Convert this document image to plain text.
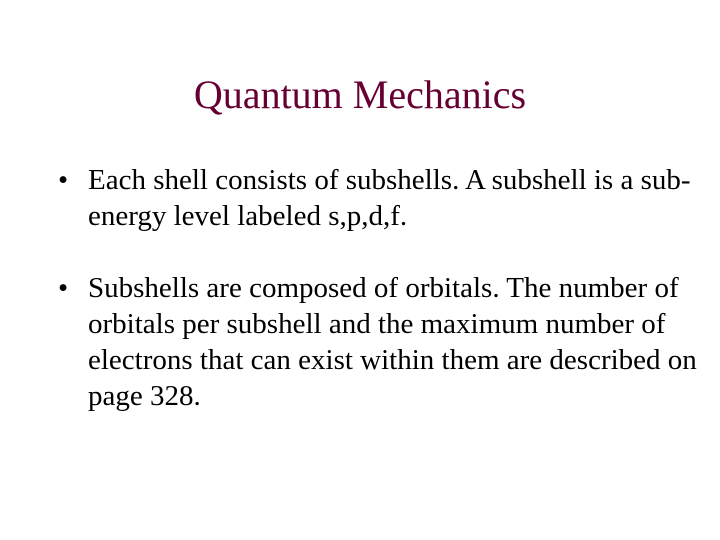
Quantum Mechanics
• Each shell consists of subshells. A subshell is a sub-energy level labeled s,p,d,f.
• Subshells are composed of orbitals. The number of orbitals per subshell and the maximum number of electrons that can exist within them are described on page 328.
